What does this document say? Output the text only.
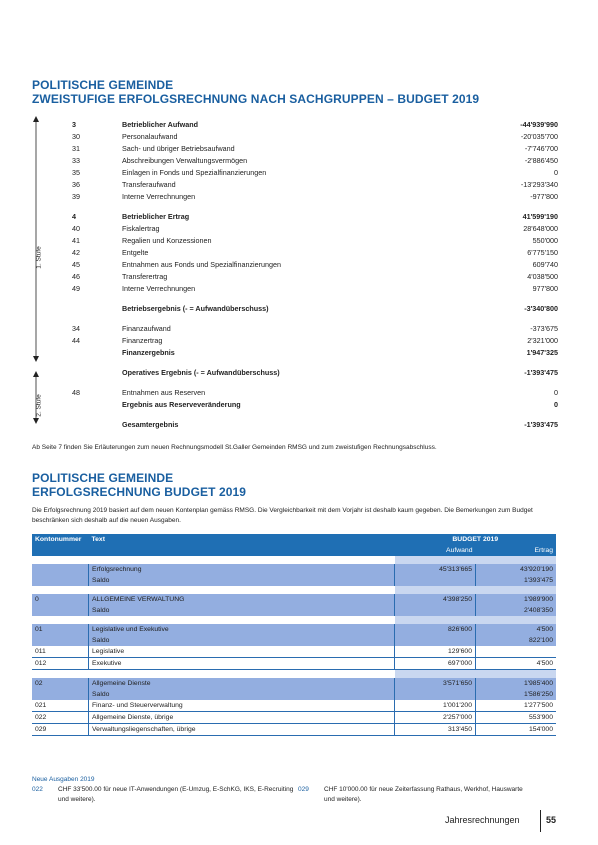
POLITISCHE GEMEINDE
ZWEISTUFIGE ERFOLGSRECHNUNG NACH SACHGRUPPEN – BUDGET 2019
1. Stufe
2. Stufe
3	Betrieblicher Aufwand	-44'939'990
30	Personalaufwand	-20'035'700
31	Sach- und übriger Betriebsaufwand	-7'746'700
33	Abschreibungen Verwaltungsvermögen	-2'886'450
35	Einlagen in Fonds und Spezialfinanzierungen	0
36	Transferaufwand	-13'293'340
39	Interne Verrechnungen	-977'800

4	Betrieblicher Ertrag	41'599'190
40	Fiskalertrag	28'648'000
41	Regalien und Konzessionen	550'000
42	Entgelte	6'775'150
45	Entnahmen aus Fonds und Spezialfinanzierungen	609'740
46	Transferertrag	4'038'500
49	Interne Verrechnungen	977'800

	Betriebsergebnis (- = Aufwandüberschuss)	-3'340'800

34	Finanzaufwand	-373'675
44	Finanzertrag	2'321'000
	Finanzergebnis	1'947'325

	Operatives Ergebnis (- = Aufwandüberschuss)	-1'393'475

48	Entnahmen aus Reserven	0
	Ergebnis aus Reserveveränderung	0

	Gesamtergebnis	-1'393'475
Ab Seite 7 finden Sie Erläuterungen zum neuen Rechnungsmodell St.Galler Gemeinden RMSG und zum zweistufigen Rechnungsabschluss.
POLITISCHE GEMEINDE
ERFOLGSRECHNUNG BUDGET 2019
Die Erfolgsrechnung 2019 basiert auf dem neuen Kontenplan gemäss RMSG. Die Vergleichbarkeit mit dem Vorjahr ist deshalb kaum gegeben. Die Bemerkungen zum Budget beschränken sich deshalb auf die neuen Ausgaben.
Kontonummer	Text	BUDGET 2019	
		Aufwand	Ertrag

	Erfolgsrechnung	45'313'665	43'920'190
	Saldo		1'393'475

0	ALLGEMEINE VERWALTUNG	4'398'250	1'989'900
	Saldo		2'408'350

01	Legislative und Exekutive	826'600	4'500
	Saldo		822'100
011	Legislative	129'600	
012	Exekutive	697'000	4'500

02	Allgemeine Dienste	3'571'650	1'985'400
	Saldo		1'586'250
021	Finanz- und Steuerverwaltung	1'001'200	1'277'500
022	Allgemeine Dienste, übrige	2'257'000	553'900
029	Verwaltungsliegenschaften, übrige	313'450	154'000
Neue Ausgaben 2019
022 CHF 33'500.00 für neue IT-Anwendungen (E-Umzug, E-SchKG, IKS, E-Recruiting
und weitere).
029 CHF 10'000.00 für neue Zeiterfassung Rathaus, Werkhof, Hauswarte
und weitere).
Jahresrechnungen	55
